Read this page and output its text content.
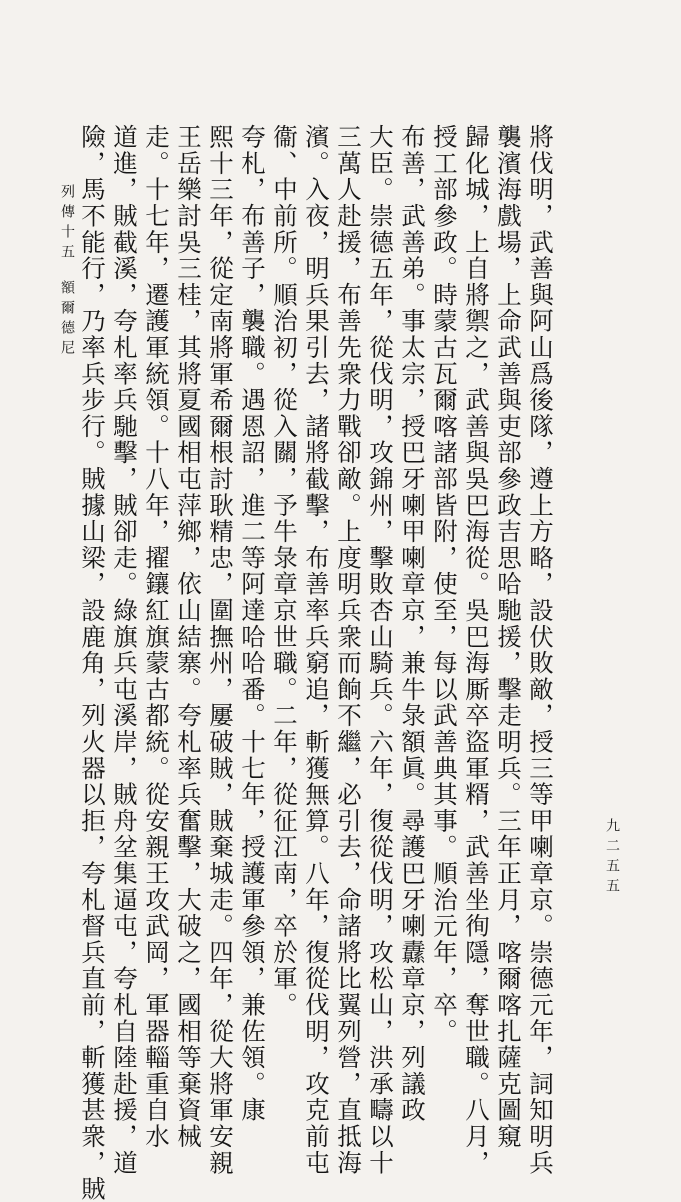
將伐明，武善與阿山爲後隊，遵上方略，設伏敗敵，授三等甲喇章京。崇德元年，詞知明兵
襲濱海戲場，上命武善與吏部參政吉思哈馳援，擊走明兵。三年正月，喀爾喀扎薩克圖窺
歸化城，上自將禦之，武善與吳巴海從。吳巴海厮卒盜軍糈，武善坐徇隱，奪世職。八月，
授工部參政。時蒙古瓦爾喀諸部皆附，使至，每以武善典其事。順治元年，卒。
布善，武善弟。事太宗，授巴牙喇甲喇章京，兼牛彔額眞。尋護巴牙喇纛章京，列議政
大臣。崇德五年，從伐明，攻錦州，擊敗杏山騎兵。六年，復從伐明，攻松山，洪承疇以十
三萬人赴援，布善先衆力戰卻敵。上度明兵衆而餉不繼，必引去，命諸將比翼列營，直抵海
濱。入夜，明兵果引去，諸將截擊，布善率兵窮追，斬獲無算。八年，復從伐明，攻克前屯
衞、中前所。順治初，從入關，予牛彔章京世職。二年，從征江南，卒於軍。
夸札，布善子，襲職。遇恩詔，進二等阿達哈哈番。十七年，授護軍參領，兼佐領。康
熙十三年，從定南將軍希爾根討耿精忠，圍撫州，屢破賊，賊棄城走。四年，從大將軍安親
王岳樂討吳三桂，其將夏國相屯萍鄉，依山結寨。夸札率兵奮擊，大破之，國相等棄資械
走。十七年，遷護軍統領。十八年，擢鑲紅旗蒙古都統。從安親王攻武岡，軍器輜重自水
道進，賊截溪，夸札率兵馳擊，賊卻走。綠旗兵屯溪岸，賊舟坌集逼屯，夸札自陸赴援，道
險，馬不能行，乃率兵步行。賊據山梁，設鹿角，列火器以拒，夸札督兵直前，斬獲甚衆，賊
列傳十五
額爾德尼
九二五五
